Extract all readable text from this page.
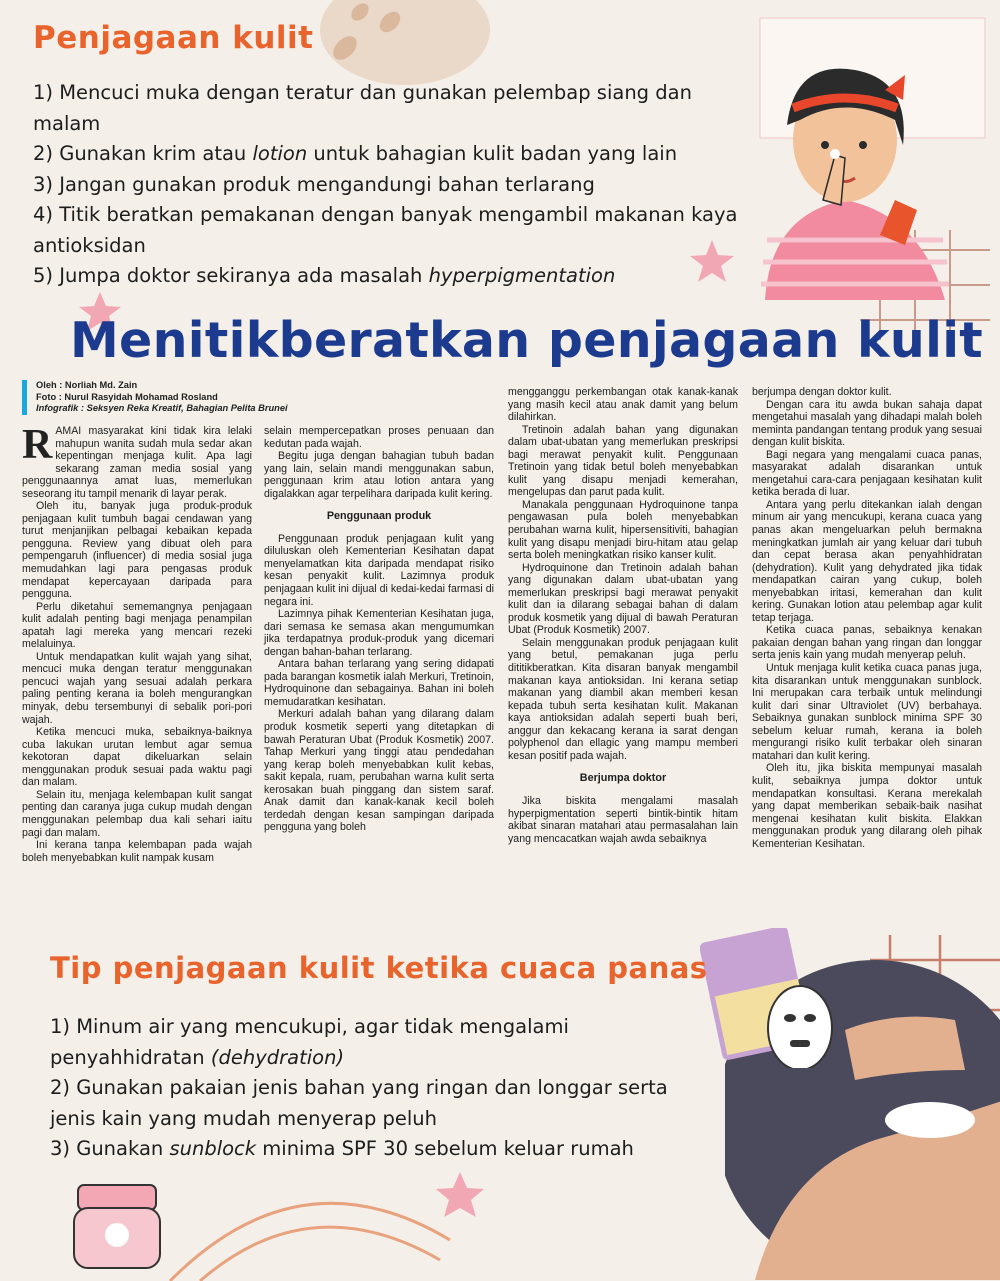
Penjagaan kulit
1) Mencuci muka dengan teratur dan gunakan pelembap siang dan malam
2) Gunakan krim atau lotion untuk bahagian kulit badan yang lain
3) Jangan gunakan produk mengandungi bahan terlarang
4) Titik beratkan pemakanan dengan banyak mengambil makanan kaya antioksidan
5) Jumpa doktor sekiranya ada masalah hyperpigmentation
Menitikberatkan penjagaan kulit
Oleh : Norliah Md. Zain
Foto : Nurul Rasyidah Mohamad Rosland
Infografik : Seksyen Reka Kreatif, Bahagian Pelita Brunei
R AMAI masyarakat kini tidak kira lelaki mahupun wanita sudah mula sedar akan kepentingan menjaga kulit. Apa lagi sekarang zaman media sosial yang penggunaannya amat luas, memerlukan seseorang itu tampil menarik di layar perak.

Oleh itu, banyak juga produk-produk penjagaan kulit tumbuh bagai cendawan yang turut menjanjikan pelbagai kebaikan kepada pengguna. Review yang dibuat oleh para pempengaruh (influencer) di media sosial juga memudahkan lagi para pengasas produk mendapat kepercayaan daripada para pengguna.

Perlu diketahui sememangnya penjagaan kulit adalah penting bagi menjaga penampilan apatah lagi mereka yang mencari rezeki melaluinya.

Untuk mendapatkan kulit wajah yang sihat, mencuci muka dengan teratur menggunakan pencuci wajah yang sesuai adalah perkara paling penting kerana ia boleh mengurangkan minyak, debu tersembunyi di sebalik pori-pori wajah.

Ketika mencuci muka, sebaiknya-baiknya cuba lakukan urutan lembut agar semua kekotoran dapat dikeluarkan selain menggunakan produk sesuai pada waktu pagi dan malam.

Selain itu, menjaga kelembapan kulit sangat penting dan caranya juga cukup mudah dengan menggunakan pelembap dua kali sehari iaitu pagi dan malam.

Ini kerana tanpa kelembapan pada wajah boleh menyebabkan kulit nampak kusam

selain mempercepatkan proses penuaan dan kedutan pada wajah.

Begitu juga dengan bahagian tubuh badan yang lain, selain mandi menggunakan sabun, penggunaan krim atau lotion antara yang digalakkan agar terpelihara daripada kulit kering.

Penggunaan produk

Penggunaan produk penjagaan kulit yang diluluskan oleh Kementerian Kesihatan dapat menyelamatkan kita daripada mendapat risiko kesan penyakit kulit. Lazimnya produk penjagaan kulit ini dijual di kedai-kedai farmasi di negara ini.

Lazimnya pihak Kementerian Kesihatan juga, dari semasa ke semasa akan mengumumkan jika terdapatnya produk-produk yang dicemari dengan bahan-bahan terlarang.

Antara bahan terlarang yang sering didapati pada barangan kosmetik ialah Merkuri, Tretinoin, Hydroquinone dan sebagainya. Bahan ini boleh memudaratkan kesihatan.

Merkuri adalah bahan yang dilarang dalam produk kosmetik seperti yang ditetapkan di bawah Peraturan Ubat (Produk Kosmetik) 2007. Tahap Merkuri yang tinggi atau pendedahan yang kerap boleh menyebabkan kulit kebas, sakit kepala, ruam, perubahan warna kulit serta kerosakan buah pinggang dan sistem saraf. Anak damit dan kanak-kanak kecil boleh terdedah dengan kesan sampingan daripada pengguna yang boleh

mengganggu perkembangan otak kanak-kanak yang masih kecil atau anak damit yang belum dilahirkan.

Tretinoin adalah bahan yang digunakan dalam ubat-ubatan yang memerlukan preskripsi bagi merawat penyakit kulit. Penggunaan Tretinoin yang tidak betul boleh menyebabkan kulit yang disapu menjadi kemerahan, mengelupas dan parut pada kulit.

Manakala penggunaan Hydroquinone tanpa pengawasan pula boleh menyebabkan perubahan warna kulit, hipersensitiviti, bahagian kulit yang disapu menjadi biru-hitam atau gelap serta boleh meningkatkan risiko kanser kulit.

Hydroquinone dan Tretinoin adalah bahan yang digunakan dalam ubat-ubatan yang memerlukan preskripsi bagi merawat penyakit kulit dan ia dilarang sebagai bahan di dalam produk kosmetik yang dijual di bawah Peraturan Ubat (Produk Kosmetik) 2007.

Selain menggunakan produk penjagaan kulit yang betul, pemakanan juga perlu dititikberatkan. Kita disaran banyak mengambil makanan kaya antioksidan. Ini kerana setiap makanan yang diambil akan memberi kesan kepada tubuh serta kesihatan kulit. Makanan kaya antioksidan adalah seperti buah beri, anggur dan kekacang kerana ia sarat dengan polyphenol dan ellagic yang mampu memberi kesan positif pada wajah.

Berjumpa doktor

Jika biskita mengalami masalah hyperpigmentation seperti bintik-bintik hitam akibat sinaran matahari atau permasalahan lain yang mencacatkan wajah awda sebaiknya

berjumpa dengan doktor kulit.

Dengan cara itu awda bukan sahaja dapat mengetahui masalah yang dihadapi malah boleh meminta pandangan tentang produk yang sesuai dengan kulit biskita.

Bagi negara yang mengalami cuaca panas, masyarakat adalah disarankan untuk mengetahui cara-cara penjagaan kesihatan kulit ketika berada di luar.

Antara yang perlu ditekankan ialah dengan minum air yang mencukupi, kerana cuaca yang panas akan mengeluarkan peluh bermakna meningkatkan jumlah air yang keluar dari tubuh dan cepat berasa akan penyahhidratan (dehydration). Kulit yang dehydrated jika tidak mendapatkan cairan yang cukup, boleh menyebabkan iritasi, kemerahan dan kulit kering. Gunakan lotion atau pelembap agar kulit tetap terjaga.

Ketika cuaca panas, sebaiknya kenakan pakaian dengan bahan yang ringan dan longgar serta jenis kain yang mudah menyerap peluh.

Untuk menjaga kulit ketika cuaca panas juga, kita disarankan untuk menggunakan sunblock. Ini merupakan cara terbaik untuk melindungi kulit dari sinar Ultraviolet (UV) berbahaya. Sebaiknya gunakan sunblock minima SPF 30 sebelum keluar rumah, kerana ia boleh mengurangi risiko kulit terbakar oleh sinaran matahari dan kulit kering.

Oleh itu, jika biskita mempunyai masalah kulit, sebaiknya jumpa doktor untuk mendapatkan konsultasi. Kerana merekalah yang dapat memberikan sebaik-baik nasihat mengenai kesihatan kulit biskita. Elakkan menggunakan produk yang dilarang oleh pihak Kementerian Kesihatan.

Tip penjagaan kulit ketika cuaca panas
1) Minum air yang mencukupi, agar tidak mengalami penyahhidratan (dehydration)
2) Gunakan pakaian jenis bahan yang ringan dan longgar serta jenis kain yang mudah menyerap peluh
3) Gunakan sunblock minima SPF 30 sebelum keluar rumah
